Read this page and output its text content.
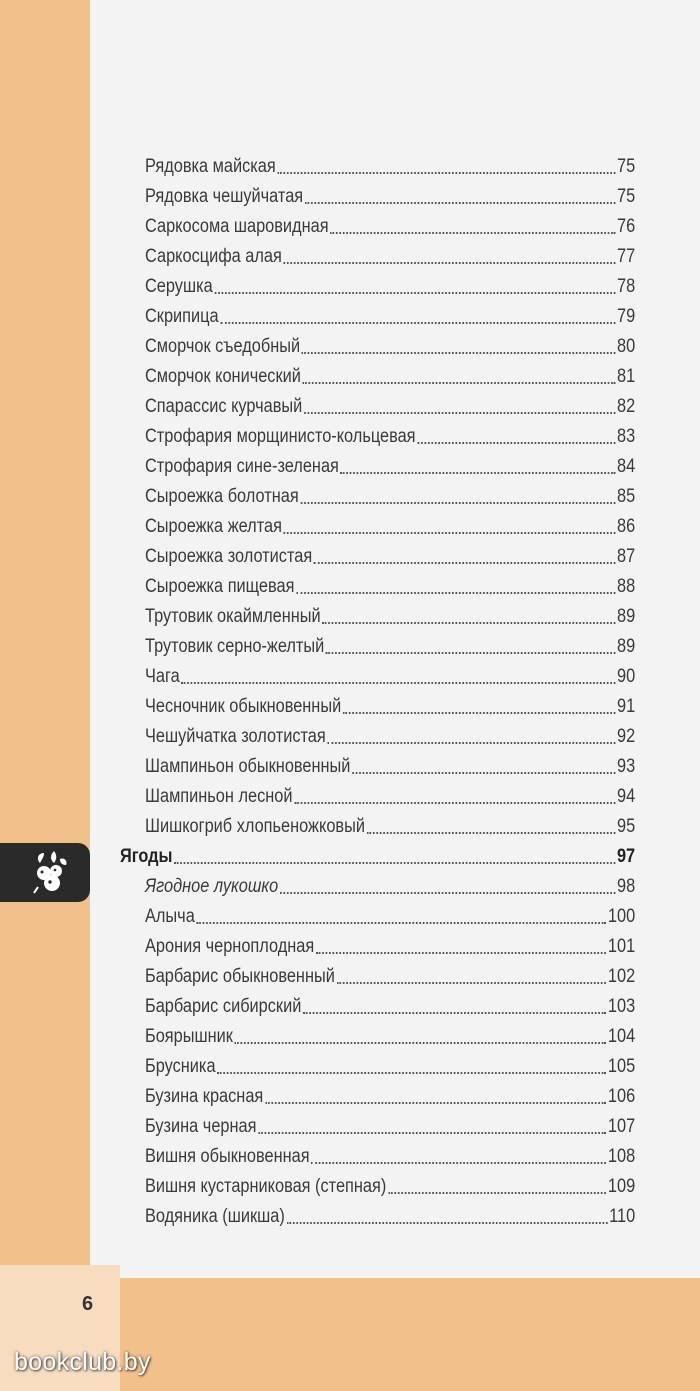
Рядовка майская	75
Рядовка чешуйчатая	75
Саркосома шаровидная	76
Саркосцифа алая	77
Серушка	78
Скрипица	79
Сморчок съедобный	80
Сморчок конический	81
Спарассис курчавый	82
Строфария морщинисто-кольцевая	83
Строфария сине-зеленая	84
Сыроежка болотная	85
Сыроежка желтая	86
Сыроежка золотистая	87
Сыроежка пищевая	88
Трутовик окаймленный	89
Трутовик серно-желтый	89
Чага	90
Чесночник обыкновенный	91
Чешуйчатка золотистая	92
Шампиньон обыкновенный	93
Шампиньон лесной	94
Шишкогриб хлопьеножковый	95
Ягоды	97
Ягодное лукошко	98
Алыча	100
Арония черноплодная	101
Барбарис обыкновенный	102
Барбарис сибирский	103
Боярышник	104
Брусника	105
Бузина красная	106
Бузина черная	107
Вишня обыкновенная	108
Вишня кустарниковая (степная)	109
Водяника (шикша)	110
6
bookclub.by
